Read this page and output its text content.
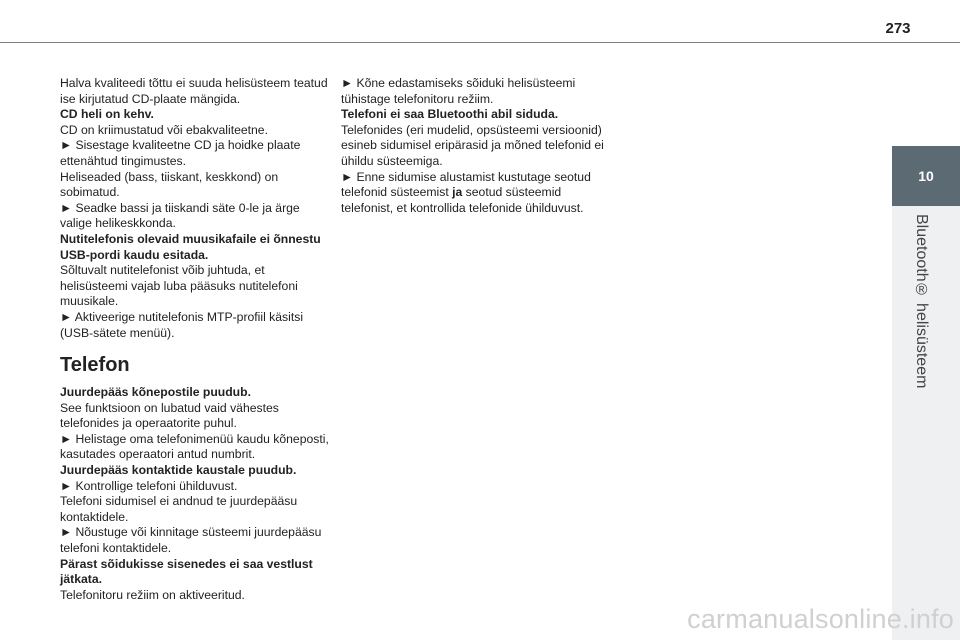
273
10
Bluetooth® helisüsteem

Halva kvaliteedi tõttu ei suuda helisüsteem teatud ise kirjutatud CD-plaate mängida.

CD heli on kehv.

CD on kriimustatud või ebakvaliteetne.

► Sisestage kvaliteetne CD ja hoidke plaate ettenähtud tingimustes.

Heliseaded (bass, tiiskant, keskkond) on sobimatud.

► Seadke bassi ja tiiskandi säte 0-le ja ärge valige helikeskkonda.

Nutitelefonis olevaid muusikafaile ei õnnestu USB-pordi kaudu esitada.

Sõltuvalt nutitelefonist võib juhtuda, et helisüsteemi vajab luba pääsuks nutitelefoni muusikale.

► Aktiveerige nutitelefonis MTP-profiil käsitsi (USB-sätete menüü).

Telefon

Juurdepääs kõnepostile puudub.

See funktsioon on lubatud vaid vähestes telefonides ja operaatorite puhul.

► Helistage oma telefonimenüü kaudu kõneposti, kasutades operaatori antud numbrit.

Juurdepääs kontaktide kaustale puudub.

► Kontrollige telefoni ühilduvust.

Telefoni sidumisel ei andnud te juurdepääsu kontaktidele.

► Nõustuge või kinnitage süsteemi juurdepääsu telefoni kontaktidele.

Pärast sõidukisse sisenedes ei saa vestlust jätkata.

Telefonitoru režiim on aktiveeritud.

► Kõne edastamiseks sõiduki helisüsteemi tühistage telefonitoru režiim.

Telefoni ei saa Bluetoothi abil siduda.

Telefonides (eri mudelid, opsüsteemi versioonid) esineb sidumisel eripärasid ja mõned telefonid ei ühildu süsteemiga.

► Enne sidumise alustamist kustutage seotud telefonid süsteemist ja seotud süsteemid telefonist, et kontrollida telefonide ühilduvust.

carmanualsonline.info
